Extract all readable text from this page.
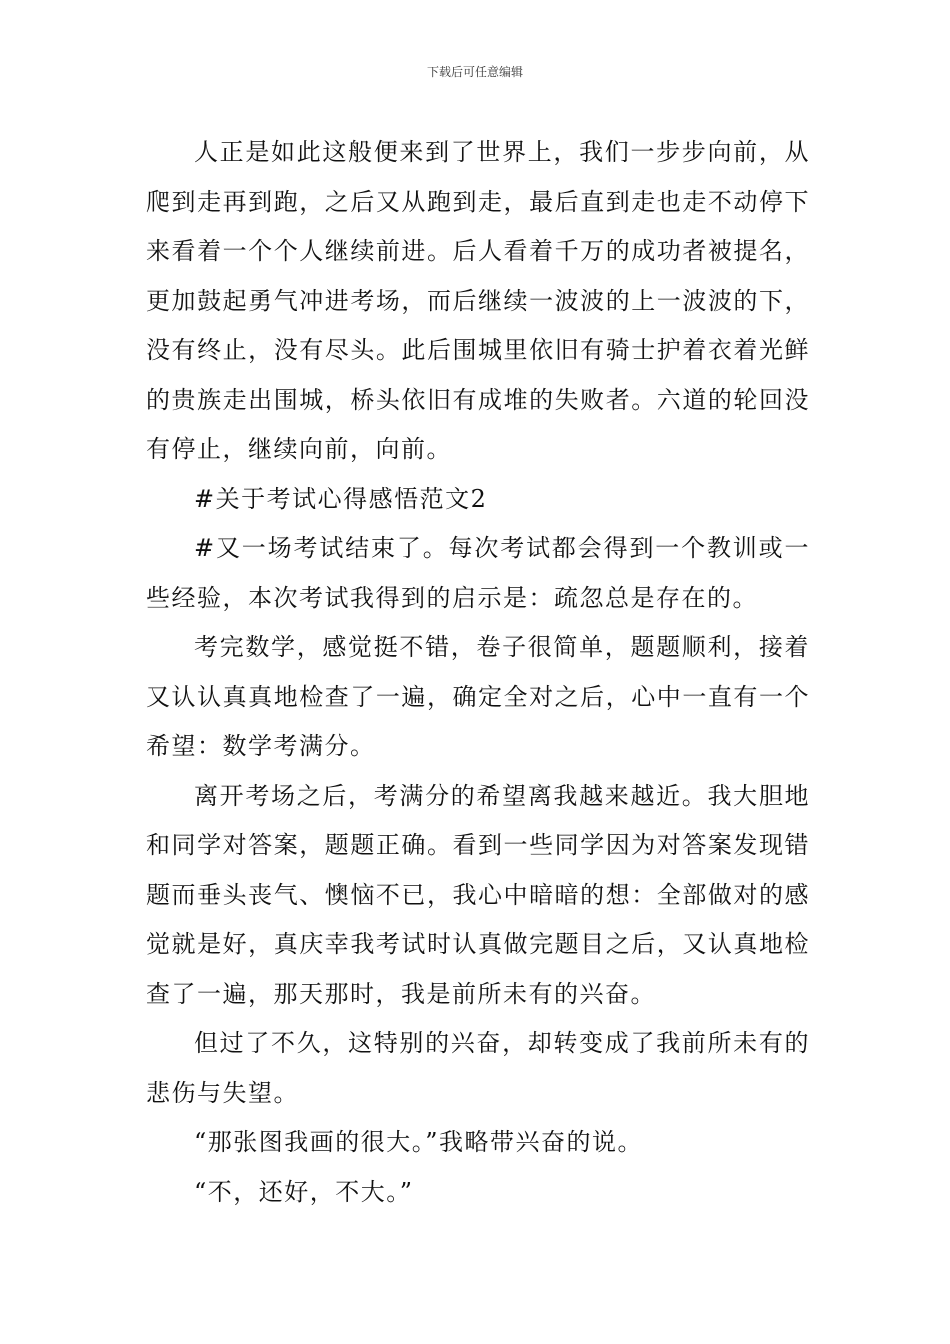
下载后可任意编辑

人正是如此这般便来到了世界上，我们一步步向前，从爬到走再到跑，之后又从跑到走，最后直到走也走不动停下来看着一个个人继续前进。后人看着千万的成功者被提名，更加鼓起勇气冲进考场，而后继续一波波的上一波波的下，没有终止，没有尽头。此后围城里依旧有骑士护着衣着光鲜的贵族走出围城，桥头依旧有成堆的失败者。六道的轮回没有停止，继续向前，向前。

#关于考试心得感悟范文2

#又一场考试结束了。每次考试都会得到一个教训或一些经验，本次考试我得到的启示是：疏忽总是存在的。

考完数学，感觉挺不错，卷子很简单，题题顺利，接着又认认真真地检查了一遍，确定全对之后，心中一直有一个希望：数学考满分。

离开考场之后，考满分的希望离我越来越近。我大胆地和同学对答案，题题正确。看到一些同学因为对答案发现错题而垂头丧气、懊恼不已，我心中暗暗的想：全部做对的感觉就是好，真庆幸我考试时认真做完题目之后，又认真地检查了一遍，那天那时，我是前所未有的兴奋。

但过了不久，这特别的兴奋，却转变成了我前所未有的悲伤与失望。

“那张图我画的很大。”我略带兴奋的说。

“不，还好，不大。”
